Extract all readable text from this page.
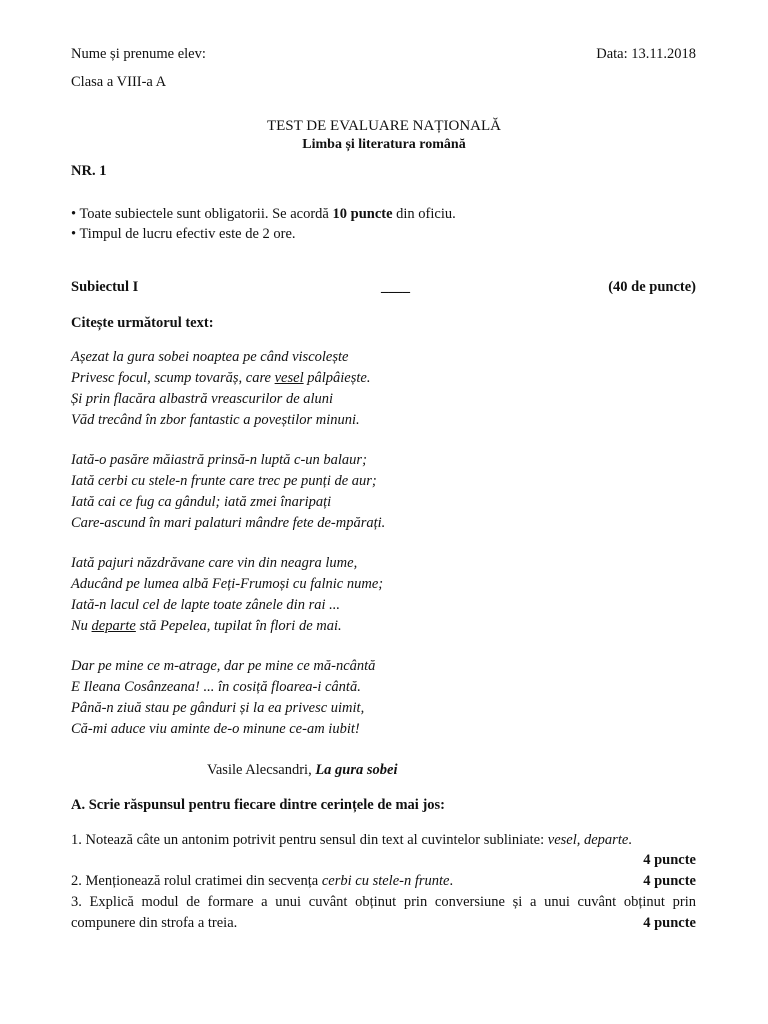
Nume și prenume elev:	Data: 13.11.2018
Clasa a VIII-a A
TEST DE EVALUARE NAȚIONALĂ
Limba și literatura română
NR. 1
• Toate subiectele sunt obligatorii. Se acordă 10 puncte din oficiu.
• Timpul de lucru efectiv este de 2 ore.
Subiectul I	____	(40 de puncte)
Citește următorul text:
Așezat la gura sobei noaptea pe când viscolește
Privesc focul, scump tovarăș, care vesel pâlpâiește.
Și prin flacăra albastră vreascurilor de aluni
Văd trecând în zbor fantastic a poveștilor minuni.
Iată-o pasăre măiastră prinsă-n luptă c-un balaur;
Iată cerbi cu stele-n frunte care trec pe punți de aur;
Iată cai ce fug ca gândul; iată zmei înaripați
Care-ascund în mari palaturi mândre fete de-mpărați.
Iată pajuri năzdrăvane care vin din neagra lume,
Aducând pe lumea albă Feți-Frumoși cu falnic nume;
Iată-n lacul cel de lapte toate zânele din rai ...
Nu departe stă Pepelea, tupilat în flori de mai.
Dar pe mine ce m-atrage, dar pe mine ce mă-ncântă
E Ileana Cosânzeana! ... în cosiță floarea-i cântă.
Până-n ziuă stau pe gânduri și la ea privesc uimit,
Că-mi aduce viu aminte de-o minune ce-am iubit!
Vasile Alecsandri, La gura sobei
A. Scrie răspunsul pentru fiecare dintre cerințele de mai jos:
1. Notează câte un antonim potrivit pentru sensul din text al cuvintelor subliniate: vesel, departe.
4 puncte
2. Menționează rolul cratimei din secvența cerbi cu stele-n frunte.	4 puncte
3. Explică modul de formare a unui cuvânt obținut prin conversiune și a unui cuvânt obținut prin
compunere din strofa a treia.	4 puncte
